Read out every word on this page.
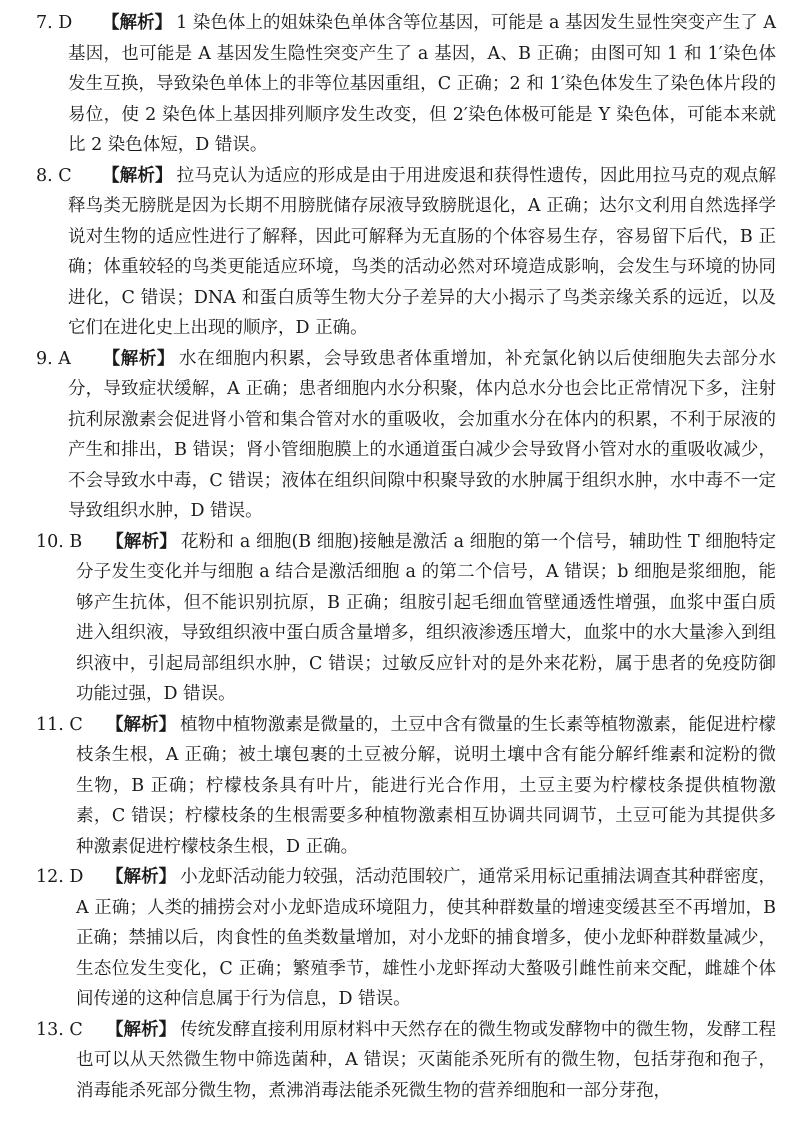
7. D 【解析】 1 染色体上的姐妹染色单体含等位基因，可能是 a 基因发生显性突变产生了 A 基因，也可能是 A 基因发生隐性突变产生了 a 基因，A、B 正确；由图可知 1 和 1′染色体发生互换，导致染色单体上的非等位基因重组，C 正确；2 和 1′染色体发生了染色体片段的易位，使 2 染色体上基因排列顺序发生改变，但 2′染色体极可能是 Y 染色体，可能本来就比 2 染色体短，D 错误。

8. C 【解析】 拉马克认为适应的形成是由于用进废退和获得性遗传，因此用拉马克的观点解释鸟类无膀胱是因为长期不用膀胱储存尿液导致膀胱退化，A 正确；达尔文利用自然选择学说对生物的适应性进行了解释，因此可解释为无直肠的个体容易生存，容易留下后代，B 正确；体重较轻的鸟类更能适应环境，鸟类的活动必然对环境造成影响，会发生与环境的协同进化，C 错误；DNA 和蛋白质等生物大分子差异的大小揭示了鸟类亲缘关系的远近，以及它们在进化史上出现的顺序，D 正确。

9. A 【解析】 水在细胞内积累，会导致患者体重增加，补充氯化钠以后使细胞失去部分水分，导致症状缓解，A 正确；患者细胞内水分积聚，体内总水分也会比正常情况下多，注射抗利尿激素会促进肾小管和集合管对水的重吸收，会加重水分在体内的积累，不利于尿液的产生和排出，B 错误；肾小管细胞膜上的水通道蛋白减少会导致肾小管对水的重吸收减少，不会导致水中毒，C 错误；液体在组织间隙中积聚导致的水肿属于组织水肿，水中毒不一定导致组织水肿，D 错误。

10. B 【解析】 花粉和 a 细胞(B 细胞)接触是激活 a 细胞的第一个信号，辅助性 T 细胞特定分子发生变化并与细胞 a 结合是激活细胞 a 的第二个信号，A 错误；b 细胞是浆细胞，能够产生抗体，但不能识别抗原，B 正确；组胺引起毛细血管壁通透性增强，血浆中蛋白质进入组织液，导致组织液中蛋白质含量增多，组织液渗透压增大，血浆中的水大量渗入到组织液中，引起局部组织水肿，C 错误；过敏反应针对的是外来花粉，属于患者的免疫防御功能过强，D 错误。

11. C 【解析】 植物中植物激素是微量的，土豆中含有微量的生长素等植物激素，能促进柠檬枝条生根，A 正确；被土壤包裹的土豆被分解，说明土壤中含有能分解纤维素和淀粉的微生物，B 正确；柠檬枝条具有叶片，能进行光合作用，土豆主要为柠檬枝条提供植物激素，C 错误；柠檬枝条的生根需要多种植物激素相互协调共同调节，土豆可能为其提供多种激素促进柠檬枝条生根，D 正确。

12. D 【解析】 小龙虾活动能力较强，活动范围较广，通常采用标记重捕法调查其种群密度，A 正确；人类的捕捞会对小龙虾造成环境阻力，使其种群数量的增速变缓甚至不再增加，B 正确；禁捕以后，肉食性的鱼类数量增加，对小龙虾的捕食增多，使小龙虾种群数量减少，生态位发生变化，C 正确；繁殖季节，雄性小龙虾挥动大螯吸引雌性前来交配，雌雄个体间传递的这种信息属于行为信息，D 错误。

13. C 【解析】 传统发酵直接利用原材料中天然存在的微生物或发酵物中的微生物，发酵工程也可以从天然微生物中筛选菌种，A 错误；灭菌能杀死所有的微生物，包括芽孢和孢子，消毒能杀死部分微生物，煮沸消毒法能杀死微生物的营养细胞和一部分芽孢，
